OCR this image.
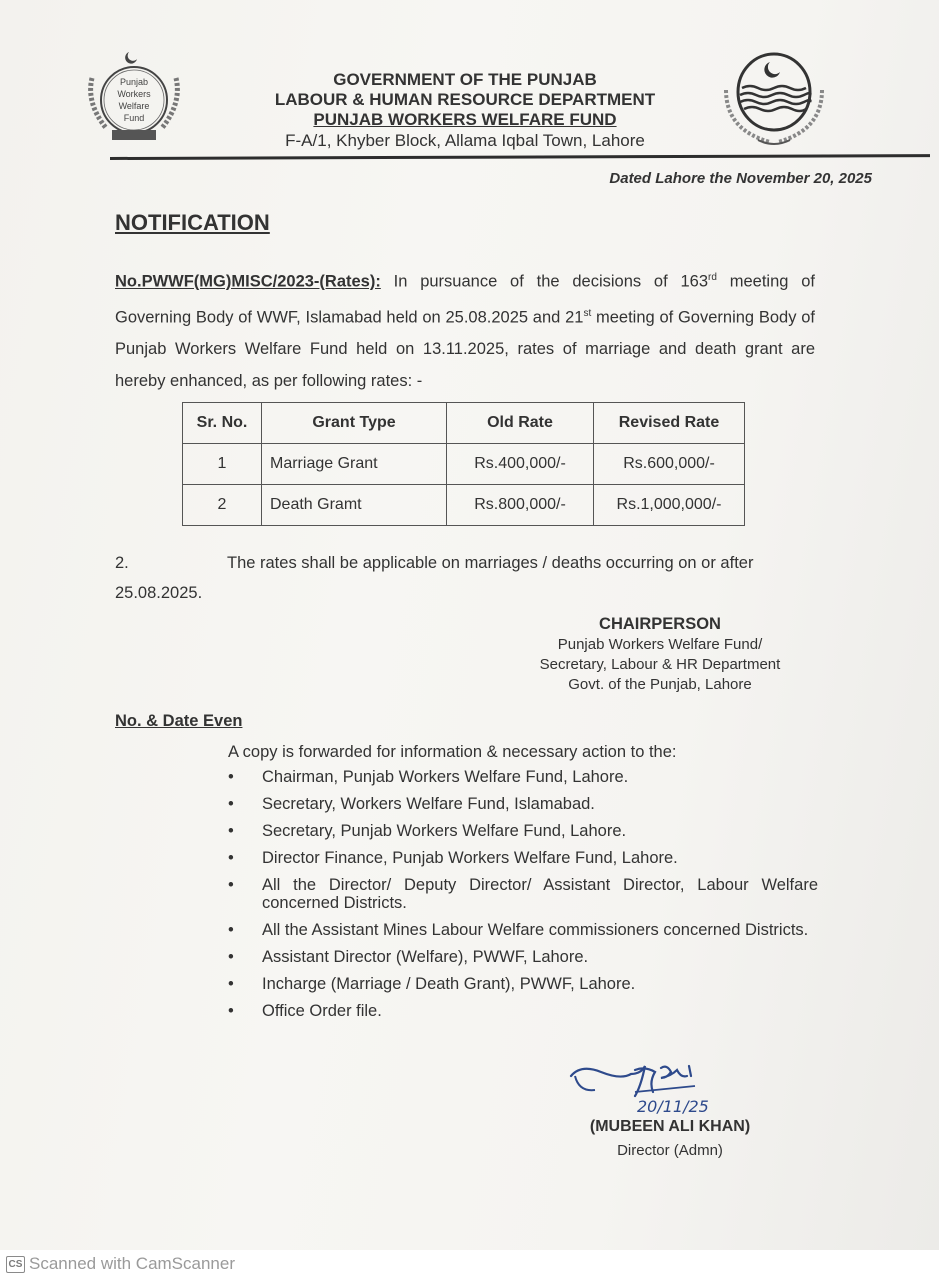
Punjab
Workers
Welfare
Fund
GOVERNMENT OF THE PUNJAB
LABOUR & HUMAN RESOURCE DEPARTMENT
PUNJAB WORKERS WELFARE FUND
F-A/1, Khyber Block, Allama Iqbal Town, Lahore
Dated Lahore the November 20, 2025
NOTIFICATION
No.PWWF(MG)MISC/2023-(Rates): In pursuance of the decisions of 163rd meeting of Governing Body of WWF, Islamabad held on 25.08.2025 and 21st meeting of Governing Body of Punjab Workers Welfare Fund held on 13.11.2025, rates of marriage and death grant are hereby enhanced, as per following rates: -
Sr. No.	Grant Type	Old Rate	Revised Rate
1	Marriage Grant	Rs.400,000/-	Rs.600,000/-
2	Death Gramt	Rs.800,000/-	Rs.1,000,000/-
2.	The rates shall be applicable on marriages / deaths occurring on or after 25.08.2025.
CHAIRPERSON
Punjab Workers Welfare Fund/
Secretary, Labour & HR Department
Govt. of the Punjab, Lahore
No. & Date Even
A copy is forwarded for information & necessary action to the:
• Chairman, Punjab Workers Welfare Fund, Lahore.
• Secretary, Workers Welfare Fund, Islamabad.
• Secretary, Punjab Workers Welfare Fund, Lahore.
• Director Finance, Punjab Workers Welfare Fund, Lahore.
• All the Director/ Deputy Director/ Assistant Director, Labour Welfare concerned Districts.
• All the Assistant Mines Labour Welfare commissioners concerned Districts.
• Assistant Director (Welfare), PWWF, Lahore.
• Incharge (Marriage / Death Grant), PWWF, Lahore.
• Office Order file.
20/11/25
(MUBEEN ALI KHAN)
Director (Admn)
CS Scanned with CamScanner
